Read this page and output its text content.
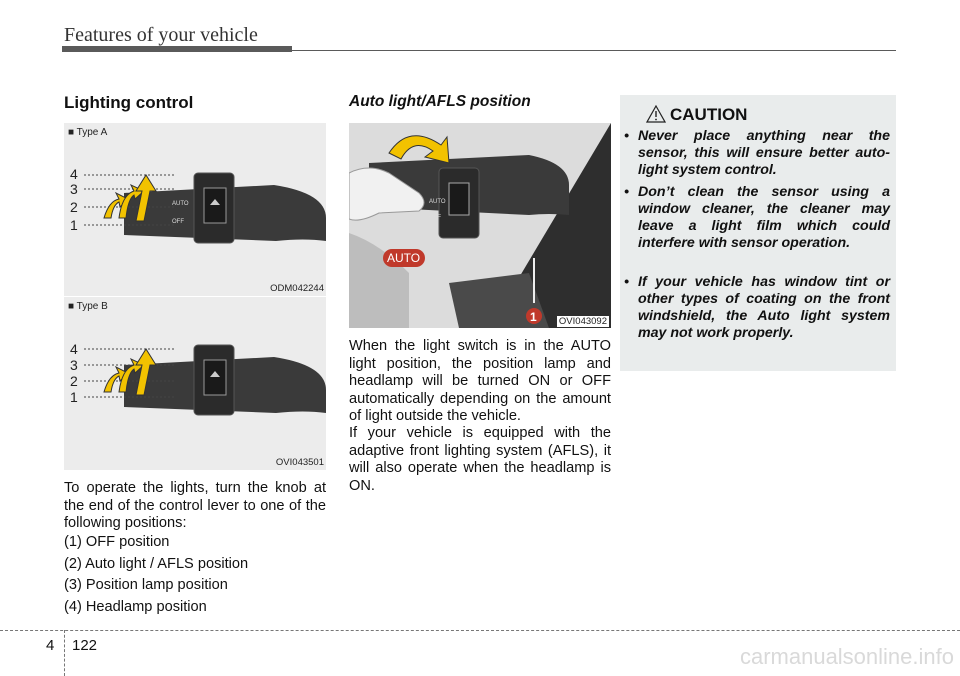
Features of your vehicle
Lighting control
■ Type A
AUTO
OFF
4
3
2
1
ODM042244
■ Type B
4
3
2
1
OVI043501

To operate the lights, turn the knob at the end of the control lever to one of the following positions:

(1) OFF position
(2) Auto light / AFLS position
(3) Position lamp position
(4) Headlamp position
Auto light/AFLS position
AUTO
OFF
AUTO
1 OVI043092

When the light switch is in the AUTO light position, the position lamp and headlamp will be turned ON or OFF automatically depending on the amount of light outside the vehicle.

If your vehicle is equipped with the adaptive front lighting system (AFLS), it will also operate when the headlamp is ON.

CAUTION
• Never place anything near the sensor, this will ensure better auto-light system control.
• Don’t clean the sensor using a window cleaner, the cleaner may leave a light film which could interfere with sensor operation.
• If your vehicle has window tint or other types of coating on the front windshield, the Auto light system may not work properly.
4 122	carmanualsonline.info
